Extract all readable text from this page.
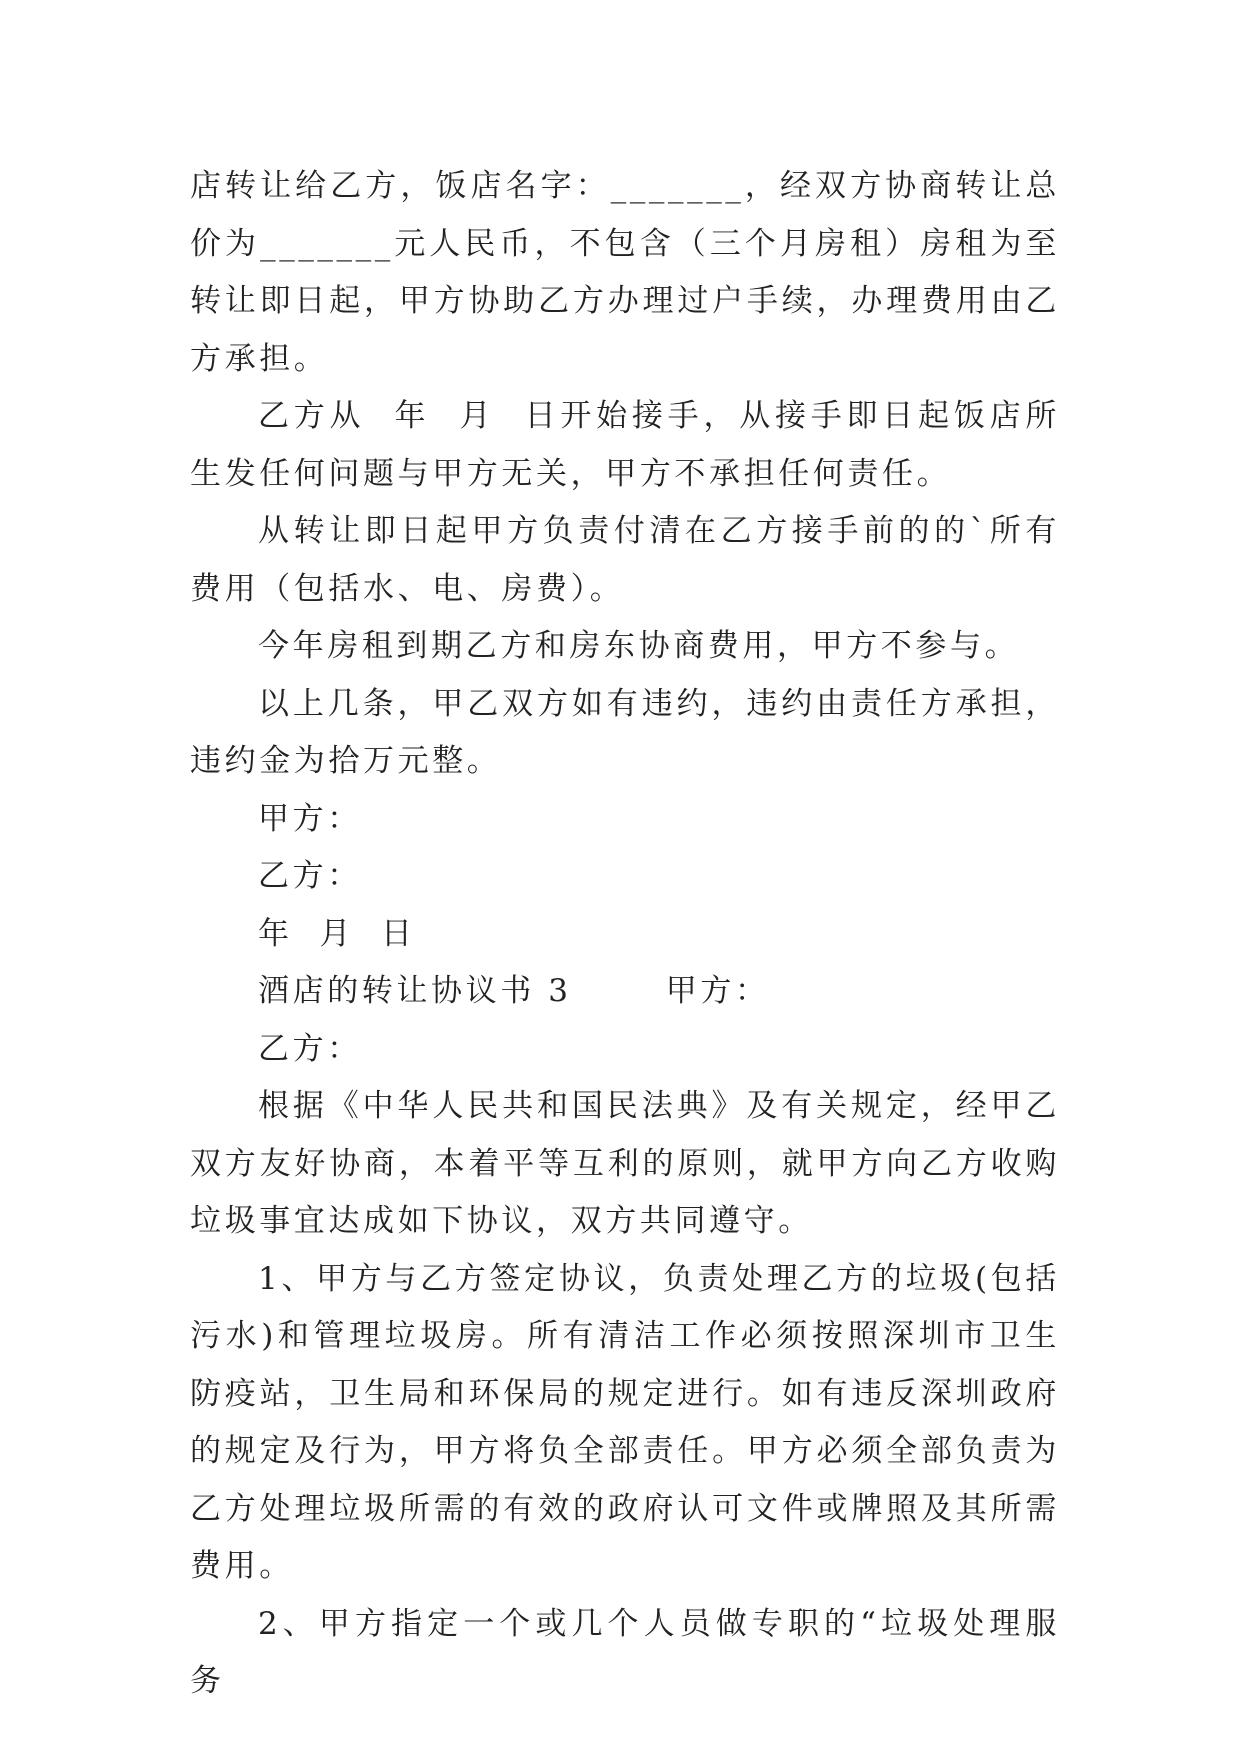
店转让给乙方，饭店名字：_______，经双方协商转让总价为_______元人民币，不包含（三个月房租）房租为至转让即日起，甲方协助乙方办理过户手续，办理费用由乙方承担。

乙方从  年  月  日开始接手，从接手即日起饭店所生发任何问题与甲方无关，甲方不承担任何责任。

从转让即日起甲方负责付清在乙方接手前的的`所有费用（包括水、电、房费）。

今年房租到期乙方和房东协商费用，甲方不参与。

以上几条，甲乙双方如有违约，违约由责任方承担，违约金为拾万元整。

甲方：

乙方：

年  月  日

酒店的转让协议书 3       甲方：

乙方：

根据《中华人民共和国民法典》及有关规定，经甲乙双方友好协商，本着平等互利的原则，就甲方向乙方收购垃圾事宜达成如下协议，双方共同遵守。

1、甲方与乙方签定协议，负责处理乙方的垃圾(包括污水)和管理垃圾房。所有清洁工作必须按照深圳市卫生防疫站，卫生局和环保局的规定进行。如有违反深圳政府的规定及行为，甲方将负全部责任。甲方必须全部负责为乙方处理垃圾所需的有效的政府认可文件或牌照及其所需费用。

2、甲方指定一个或几个人员做专职的“垃圾处理服务
